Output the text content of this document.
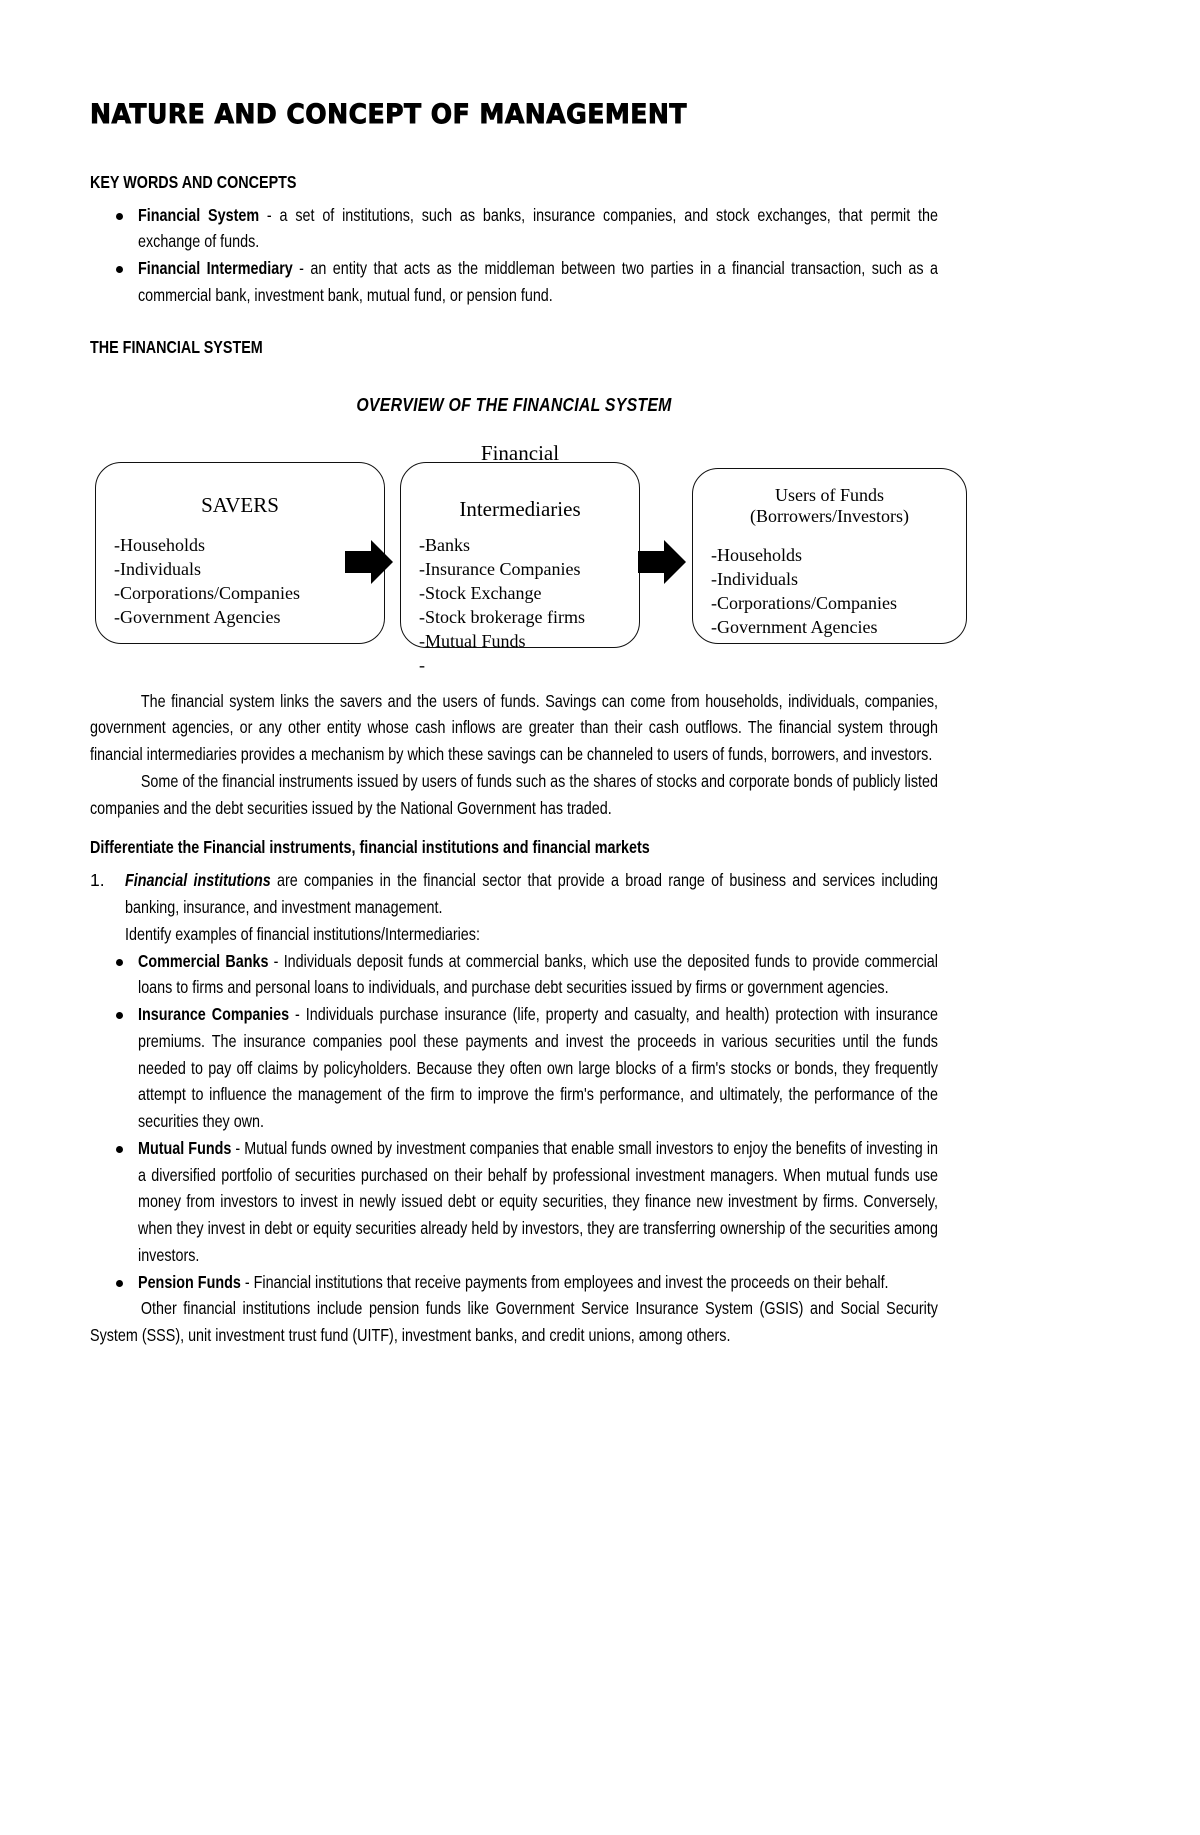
NATURE AND CONCEPT OF MANAGEMENT
KEY WORDS AND CONCEPTS
Financial System - a set of institutions, such as banks, insurance companies, and stock exchanges, that permit the exchange of funds.
Financial Intermediary - an entity that acts as the middleman between two parties in a financial transaction, such as a commercial bank, investment bank, mutual fund, or pension fund.
THE FINANCIAL SYSTEM
OVERVIEW OF THE FINANCIAL SYSTEM
SAVERS
-Households
-Individuals
-Corporations/Companies
-Government Agencies
Financial
Intermediaries
-Banks
-Insurance Companies
-Stock Exchange
-Stock brokerage firms
-Mutual Funds
-
Users of Funds
(Borrowers/Investors)
-Households
-Individuals
-Corporations/Companies
-Government Agencies

The financial system links the savers and the users of funds. Savings can come from households, individuals, companies, government agencies, or any other entity whose cash inflows are greater than their cash outflows. The financial system through financial intermediaries provides a mechanism by which these savings can be channeled to users of funds, borrowers, and investors.

Some of the financial instruments issued by users of funds such as the shares of stocks and corporate bonds of publicly listed companies and the debt securities issued by the National Government has traded.

Differentiate the Financial instruments, financial institutions and financial markets
Financial institutions are companies in the financial sector that provide a broad range of business and services including banking, insurance, and investment management.
Identify examples of financial institutions/Intermediaries:
Commercial Banks - Individuals deposit funds at commercial banks, which use the deposited funds to provide commercial loans to firms and personal loans to individuals, and purchase debt securities issued by firms or government agencies.
Insurance Companies - Individuals purchase insurance (life, property and casualty, and health) protection with insurance premiums. The insurance companies pool these payments and invest the proceeds in various securities until the funds needed to pay off claims by policyholders. Because they often own large blocks of a firm's stocks or bonds, they frequently attempt to influence the management of the firm to improve the firm's performance, and ultimately, the performance of the securities they own.
Mutual Funds - Mutual funds owned by investment companies that enable small investors to enjoy the benefits of investing in a diversified portfolio of securities purchased on their behalf by professional investment managers. When mutual funds use money from investors to invest in newly issued debt or equity securities, they finance new investment by firms. Conversely, when they invest in debt or equity securities already held by investors, they are transferring ownership of the securities among investors.
Pension Funds - Financial institutions that receive payments from employees and invest the proceeds on their behalf.

Other financial institutions include pension funds like Government Service Insurance System (GSIS) and Social Security System (SSS), unit investment trust fund (UITF), investment banks, and credit unions, among others.
